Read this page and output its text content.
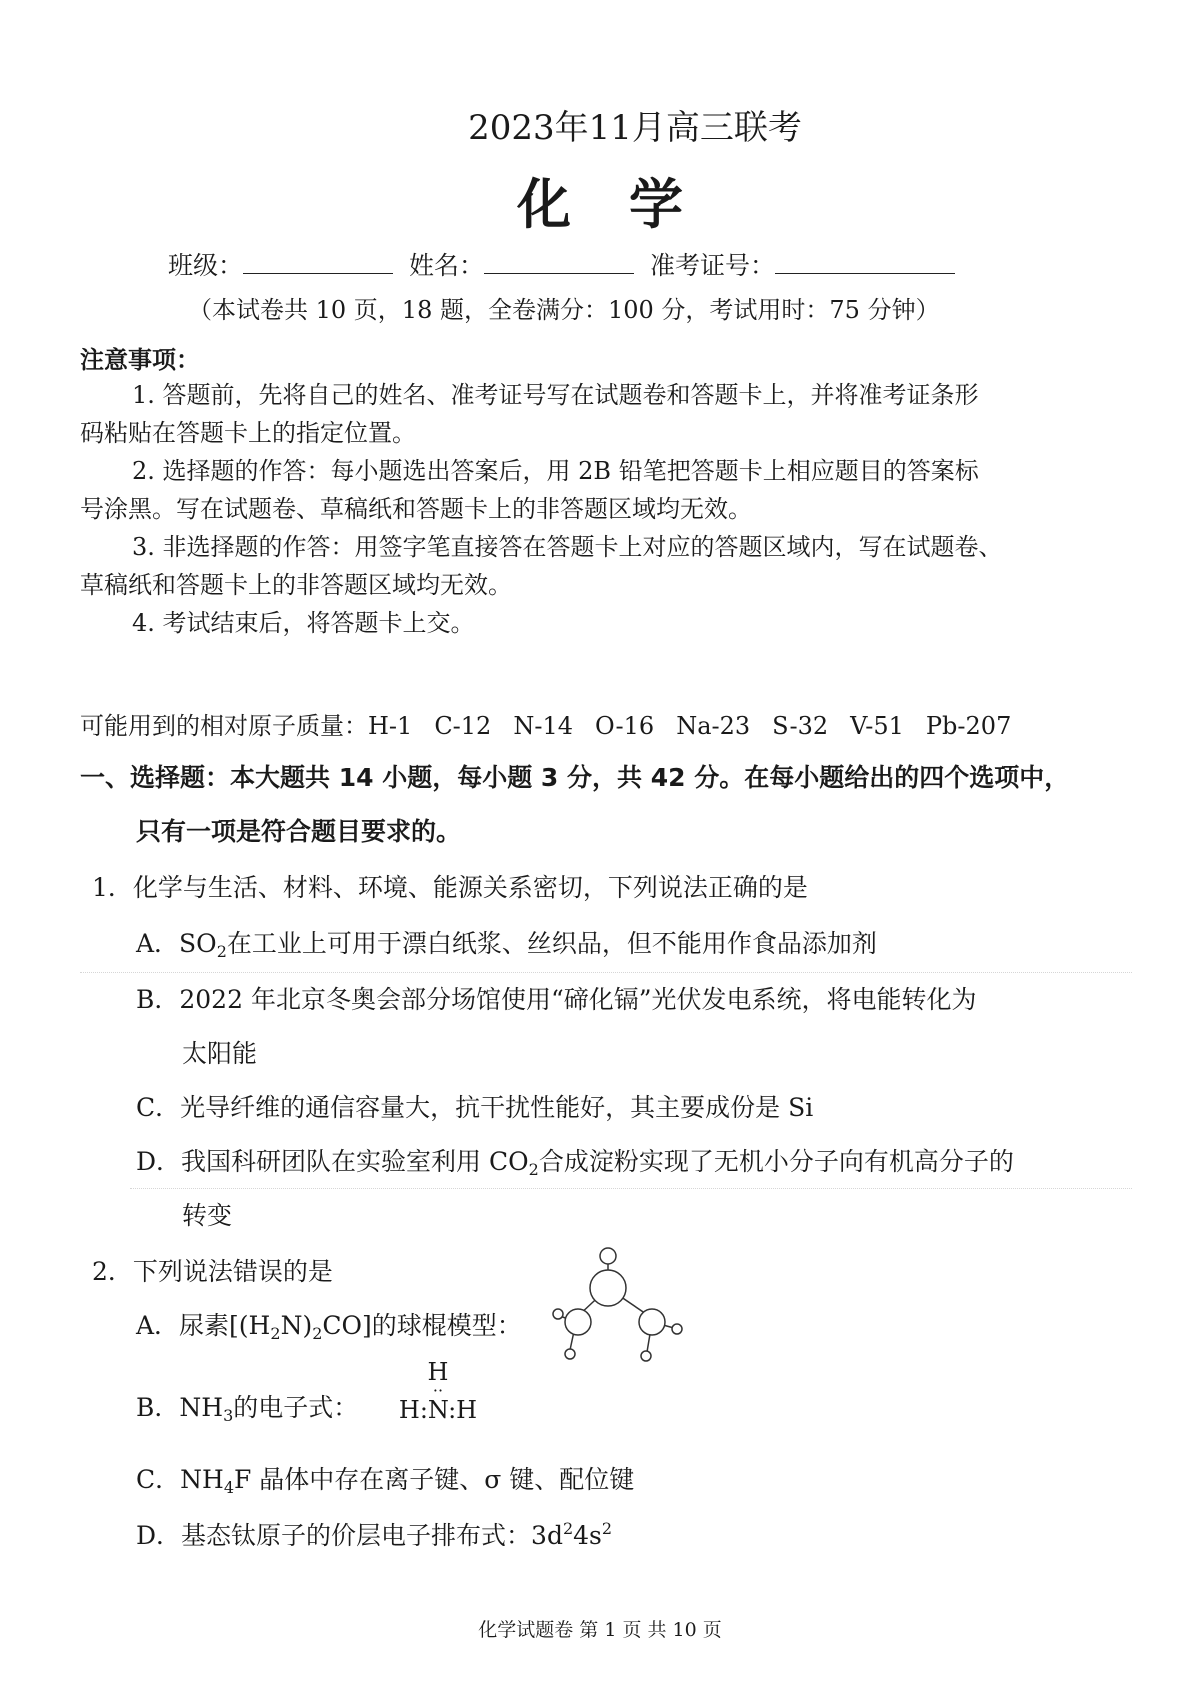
2023年11月高三联考
化学
班级：	姓名：	准考证号：
（本试卷共 10 页，18 题，全卷满分：100 分，考试用时：75 分钟）
注意事项：
1. 答题前，先将自己的姓名、准考证号写在试题卷和答题卡上，并将准考证条形
码粘贴在答题卡上的指定位置。
2. 选择题的作答：每小题选出答案后，用 2B 铅笔把答题卡上相应题目的答案标
号涂黑。写在试题卷、草稿纸和答题卡上的非答题区域均无效。
3. 非选择题的作答：用签字笔直接答在答题卡上对应的答题区域内，写在试题卷、
草稿纸和答题卡上的非答题区域均无效。
4. 考试结束后，将答题卡上交。
可能用到的相对原子质量：H-1 C-12 N-14 O-16 Na-23 S-32 V-51 Pb-207
一、选择题：本大题共 14 小题，每小题 3 分，共 42 分。在每小题给出的四个选项中，
只有一项是符合题目要求的。
1．化学与生活、材料、环境、能源关系密切，下列说法正确的是
A．$SO_2$在工业上可用于漂白纸浆、丝织品，但不能用作食品添加剂
B．2022 年北京冬奥会部分场馆使用“碲化镉”光伏发电系统，将电能转化为
太阳能
C．光导纤维的通信容量大，抗干扰性能好，其主要成份是 Si
D．我国科研团队在实验室利用 $CO_2$合成淀粉实现了无机小分子向有机高分子的
转变
2．下列说法错误的是
A．尿素$[(H_2N)_2CO]$的球棍模型：
B．$NH_3$的电子式：
H
··
H:N:H
C．$NH_4F$ 晶体中存在离子键、σ 键、配位键
D．基态钛原子的价层电子排布式：$3d^24s^2$
化学试题卷 第 1 页 共 10 页
